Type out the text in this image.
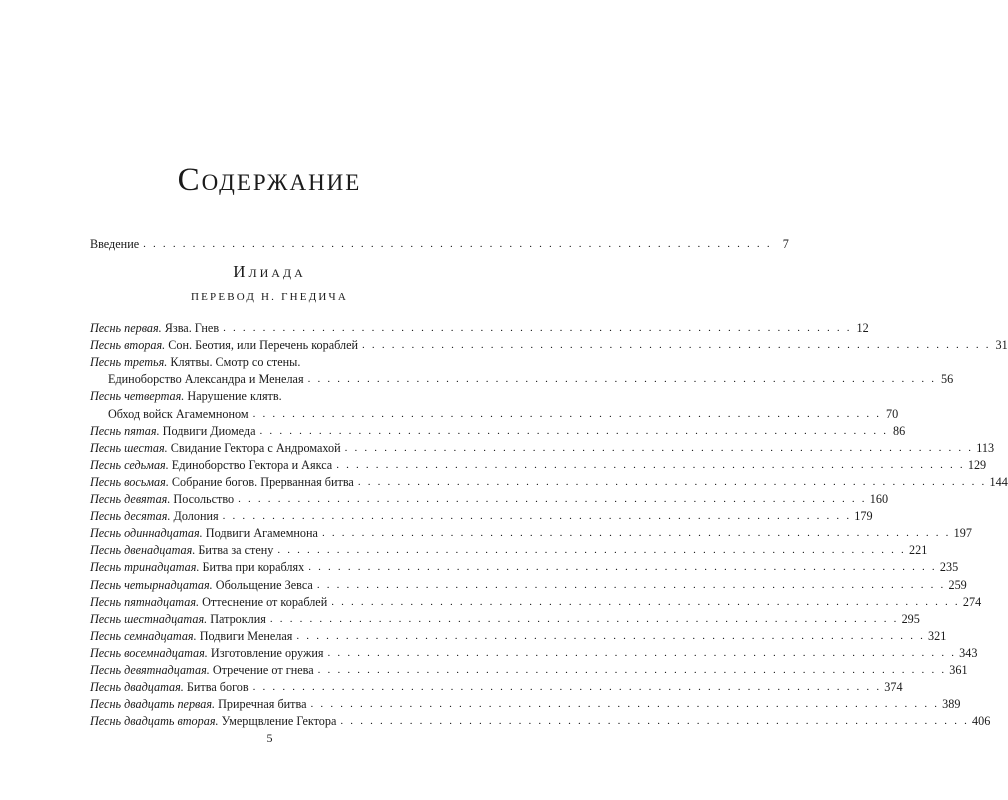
Содержание
Введение . . . . . . . . . . . . . . . . . . . . . . . . . . . . . . . . . . . . . . . . . . . . . . . . . . . . . . . . . . . . . . . . 7
Илиада
ПЕРЕВОД Н. ГНЕДИЧА
Песнь первая. Язва. Гнев . . . . . . . . . . . . . . . . . . . . . . . . . . . . . . . . . . . . . . . . . . . . . . . . . . . . . . . . . . . . . . . . 12
Песнь вторая. Сон. Беотия, или Перечень кораблей . . . . . . . . . . . . . . . . . . . . . . . . . . . . . . . . . . . . . . . . . . . . . . . . . . . . . . . . . . . . . . . . 31
Песнь третья. Клятвы. Смотр со стены.
Единоборство Александра и Менелая . . . . . . . . . . . . . . . . . . . . . . . . . . . . . . . . . . . . . . . . . . . . . . . . . . . . . . . . . . . . . . . . 56
Песнь четвертая. Нарушение клятв.
Обход войск Агамемноном . . . . . . . . . . . . . . . . . . . . . . . . . . . . . . . . . . . . . . . . . . . . . . . . . . . . . . . . . . . . . . . . 70
Песнь пятая. Подвиги Диомеда . . . . . . . . . . . . . . . . . . . . . . . . . . . . . . . . . . . . . . . . . . . . . . . . . . . . . . . . . . . . . . . . 86
Песнь шестая. Свидание Гектора с Андромахой . . . . . . . . . . . . . . . . . . . . . . . . . . . . . . . . . . . . . . . . . . . . . . . . . . . . . . . . . . . . . . . . 113
Песнь седьмая. Единоборство Гектора и Аякса . . . . . . . . . . . . . . . . . . . . . . . . . . . . . . . . . . . . . . . . . . . . . . . . . . . . . . . . . . . . . . . . 129
Песнь восьмая. Собрание богов. Прерванная битва . . . . . . . . . . . . . . . . . . . . . . . . . . . . . . . . . . . . . . . . . . . . . . . . . . . . . . . . . . . . . . . . 144
Песнь девятая. Посольство . . . . . . . . . . . . . . . . . . . . . . . . . . . . . . . . . . . . . . . . . . . . . . . . . . . . . . . . . . . . . . . . 160
Песнь десятая. Долония . . . . . . . . . . . . . . . . . . . . . . . . . . . . . . . . . . . . . . . . . . . . . . . . . . . . . . . . . . . . . . . . 179
Песнь одиннадцатая. Подвиги Агамемнона . . . . . . . . . . . . . . . . . . . . . . . . . . . . . . . . . . . . . . . . . . . . . . . . . . . . . . . . . . . . . . . . 197
Песнь двенадцатая. Битва за стену . . . . . . . . . . . . . . . . . . . . . . . . . . . . . . . . . . . . . . . . . . . . . . . . . . . . . . . . . . . . . . . . 221
Песнь тринадцатая. Битва при кораблях . . . . . . . . . . . . . . . . . . . . . . . . . . . . . . . . . . . . . . . . . . . . . . . . . . . . . . . . . . . . . . . . 235
Песнь четырнадцатая. Обольщение Зевса . . . . . . . . . . . . . . . . . . . . . . . . . . . . . . . . . . . . . . . . . . . . . . . . . . . . . . . . . . . . . . . . 259
Песнь пятнадцатая. Оттеснение от кораблей . . . . . . . . . . . . . . . . . . . . . . . . . . . . . . . . . . . . . . . . . . . . . . . . . . . . . . . . . . . . . . . . 274
Песнь шестнадцатая. Патроклия . . . . . . . . . . . . . . . . . . . . . . . . . . . . . . . . . . . . . . . . . . . . . . . . . . . . . . . . . . . . . . . . 295
Песнь семнадцатая. Подвиги Менелая . . . . . . . . . . . . . . . . . . . . . . . . . . . . . . . . . . . . . . . . . . . . . . . . . . . . . . . . . . . . . . . . 321
Песнь восемнадцатая. Изготовление оружия . . . . . . . . . . . . . . . . . . . . . . . . . . . . . . . . . . . . . . . . . . . . . . . . . . . . . . . . . . . . . . . . 343
Песнь девятнадцатая. Отречение от гнева . . . . . . . . . . . . . . . . . . . . . . . . . . . . . . . . . . . . . . . . . . . . . . . . . . . . . . . . . . . . . . . . 361
Песнь двадцатая. Битва богов . . . . . . . . . . . . . . . . . . . . . . . . . . . . . . . . . . . . . . . . . . . . . . . . . . . . . . . . . . . . . . . . 374
Песнь двадцать первая. Приречная битва . . . . . . . . . . . . . . . . . . . . . . . . . . . . . . . . . . . . . . . . . . . . . . . . . . . . . . . . . . . . . . . . 389
Песнь двадцать вторая. Умерщвление Гектора . . . . . . . . . . . . . . . . . . . . . . . . . . . . . . . . . . . . . . . . . . . . . . . . . . . . . . . . . . . . . . . . 406
5
